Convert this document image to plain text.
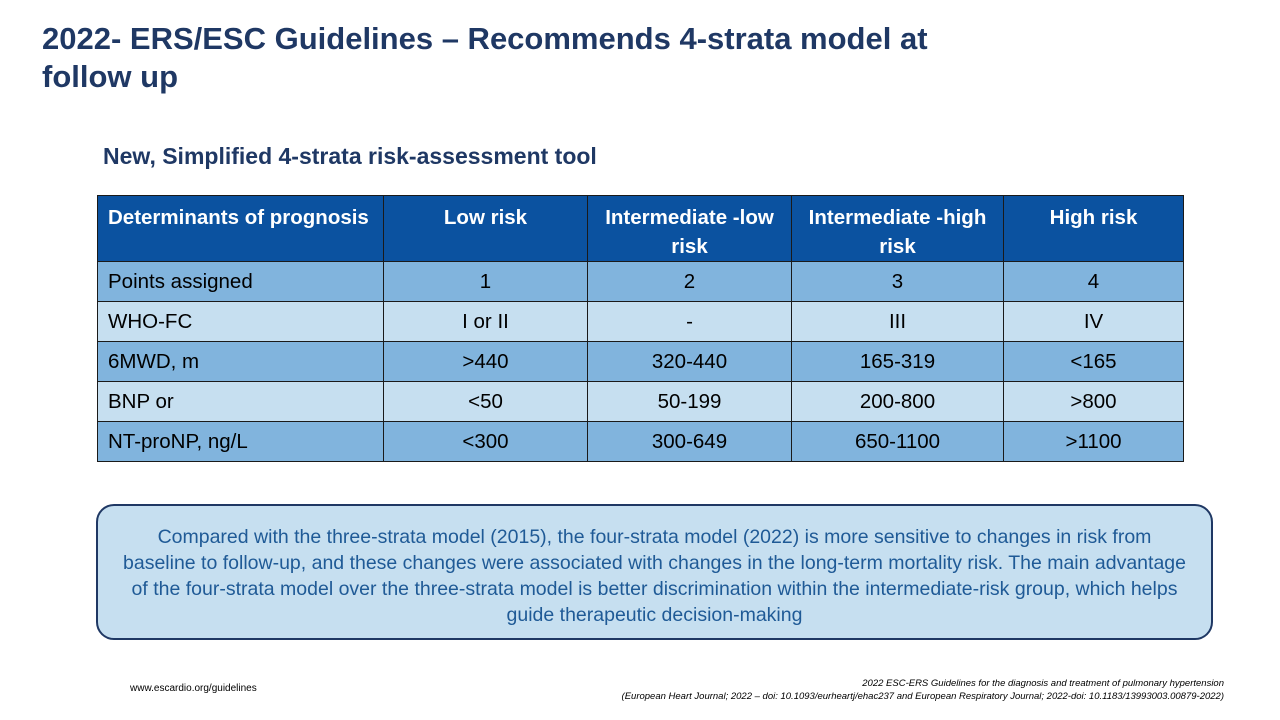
2022- ERS/ESC Guidelines – Recommends 4-strata model at follow up
New, Simplified 4-strata risk-assessment tool
Determinants of prognosis	Low risk	Intermediate -low risk	Intermediate -high risk	High risk
Points assigned	1	2	3	4
WHO-FC	I or II	-	III	IV
6MWD, m	>440	320-440	165-319	<165
BNP or	<50	50-199	200-800	>800
NT-proNP, ng/L	<300	300-649	650-1100	>1100
Compared with the three-strata model (2015), the four-strata model (2022) is more sensitive to changes in risk from baseline to follow-up, and these changes were associated with changes in the long-term mortality risk. The main advantage of the four-strata model over the three-strata model is better discrimination within the intermediate-risk group, which helps guide therapeutic decision-making
www.escardio.org/guidelines	2022 ESC-ERS Guidelines for the diagnosis and treatment of pulmonary hypertension
(European Heart Journal; 2022 – doi: 10.1093/eurheartj/ehac237 and European Respiratory Journal; 2022-doi: 10.1183/13993003.00879-2022)
